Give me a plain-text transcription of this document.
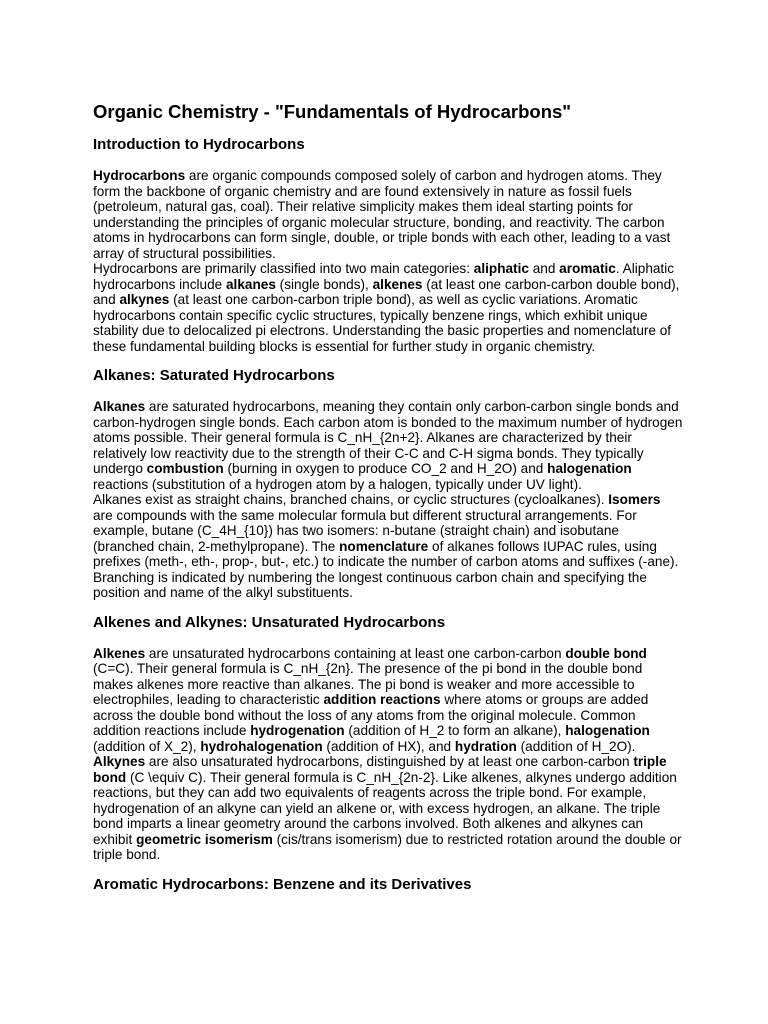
Organic Chemistry - "Fundamentals of Hydrocarbons"
Introduction to Hydrocarbons

Hydrocarbons are organic compounds composed solely of carbon and hydrogen atoms. They form the backbone of organic chemistry and are found extensively in nature as fossil fuels (petroleum, natural gas, coal). Their relative simplicity makes them ideal starting points for understanding the principles of organic molecular structure, bonding, and reactivity. The carbon atoms in hydrocarbons can form single, double, or triple bonds with each other, leading to a vast array of structural possibilities.

Hydrocarbons are primarily classified into two main categories: aliphatic and aromatic. Aliphatic hydrocarbons include alkanes (single bonds), alkenes (at least one carbon-carbon double bond), and alkynes (at least one carbon-carbon triple bond), as well as cyclic variations. Aromatic hydrocarbons contain specific cyclic structures, typically benzene rings, which exhibit unique stability due to delocalized pi electrons. Understanding the basic properties and nomenclature of these fundamental building blocks is essential for further study in organic chemistry.

Alkanes: Saturated Hydrocarbons

Alkanes are saturated hydrocarbons, meaning they contain only carbon-carbon single bonds and carbon-hydrogen single bonds. Each carbon atom is bonded to the maximum number of hydrogen atoms possible. Their general formula is C_nH_{2n+2}. Alkanes are characterized by their relatively low reactivity due to the strength of their C-C and C-H sigma bonds. They typically undergo combustion (burning in oxygen to produce CO_2 and H_2O) and halogenation reactions (substitution of a hydrogen atom by a halogen, typically under UV light).

Alkanes exist as straight chains, branched chains, or cyclic structures (cycloalkanes). Isomers are compounds with the same molecular formula but different structural arrangements. For example, butane (C_4H_{10}) has two isomers: n-butane (straight chain) and isobutane (branched chain, 2-methylpropane). The nomenclature of alkanes follows IUPAC rules, using prefixes (meth-, eth-, prop-, but-, etc.) to indicate the number of carbon atoms and suffixes (-ane). Branching is indicated by numbering the longest continuous carbon chain and specifying the position and name of the alkyl substituents.

Alkenes and Alkynes: Unsaturated Hydrocarbons

Alkenes are unsaturated hydrocarbons containing at least one carbon-carbon double bond (C=C). Their general formula is C_nH_{2n}. The presence of the pi bond in the double bond makes alkenes more reactive than alkanes. The pi bond is weaker and more accessible to electrophiles, leading to characteristic addition reactions where atoms or groups are added across the double bond without the loss of any atoms from the original molecule. Common addition reactions include hydrogenation (addition of H_2 to form an alkane), halogenation (addition of X_2), hydrohalogenation (addition of HX), and hydration (addition of H_2O).

Alkynes are also unsaturated hydrocarbons, distinguished by at least one carbon-carbon triple bond (C \equiv C). Their general formula is C_nH_{2n-2}. Like alkenes, alkynes undergo addition reactions, but they can add two equivalents of reagents across the triple bond. For example, hydrogenation of an alkyne can yield an alkene or, with excess hydrogen, an alkane. The triple bond imparts a linear geometry around the carbons involved. Both alkenes and alkynes can exhibit geometric isomerism (cis/trans isomerism) due to restricted rotation around the double or triple bond.

Aromatic Hydrocarbons: Benzene and its Derivatives
